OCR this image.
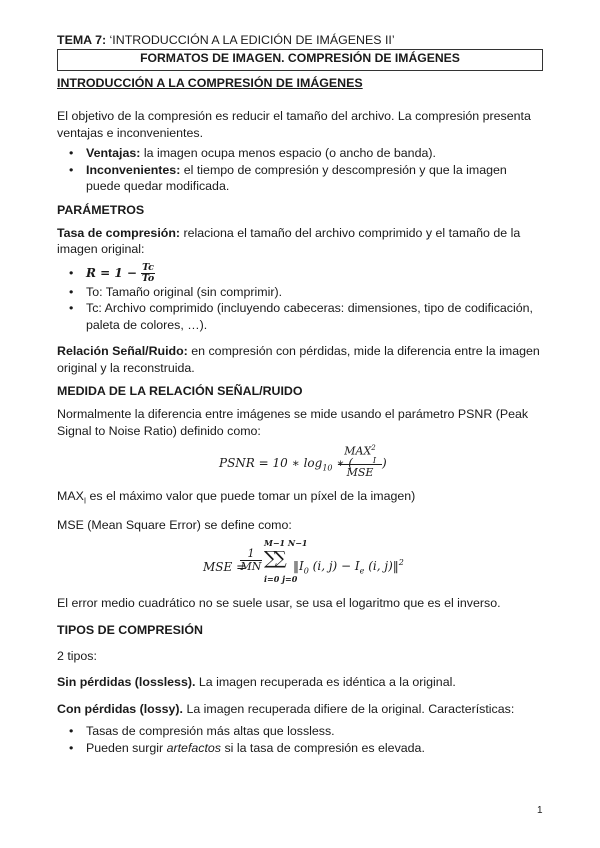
TEMA 7: ‘INTRODUCCIÓN A LA EDICIÓN DE IMÁGENES II’
FORMATOS DE IMAGEN. COMPRESIÓN DE IMÁGENES
INTRODUCCIÓN A LA COMPRESIÓN DE IMÁGENES

El objetivo de la compresión es reducir el tamaño del archivo. La compresión presenta ventajas e inconvenientes.

• Ventajas: la imagen ocupa menos espacio (o ancho de banda).
• Inconvenientes: el tiempo de compresión y descompresión y que la imagen puede quedar modificada.
PARÁMETROS

Tasa de compresión: relaciona el tamaño del archivo comprimido y el tamaño de la imagen original:

• $R = 1 - \frac{Tc}{To}$
• To: Tamaño original (sin comprimir).
• Tc: Archivo comprimido (incluyendo cabeceras: dimensiones, tipo de codificación, paleta de colores, …).

Relación Señal/Ruido: en compresión con pérdidas, mide la diferencia entre la imagen original y la reconstruida.

MEDIDA DE LA RELACIÓN SEÑAL/RUIDO

Normalmente la diferencia entre imágenes se mide usando el parámetro PSNR (Peak Signal to Noise Ratio) definido como:

PSNR = 10 ∗ $\log_{10}$ ∗ (
MAX$^2$
I
MSE
)

$MAX_I$ es el máximo valor que puede tomar un píxel de la imagen)

MSE (Mean Square Error) se define como:

MSE =
$\frac{1}{MN}$
M−1 N−1
∑∑
i=0 j=0
$‖I_0$ (i, $j) - I_e$ (i, j)‖$^2$

El error medio cuadrático no se suele usar, se usa el logaritmo que es el inverso.

TIPOS DE COMPRESIÓN

2 tipos:

Sin pérdidas (lossless). La imagen recuperada es idéntica a la original.

Con pérdidas (lossy). La imagen recuperada difiere de la original. Características:

• Tasas de compresión más altas que lossless.
• Pueden surgir artefactos si la tasa de compresión es elevada.
1
